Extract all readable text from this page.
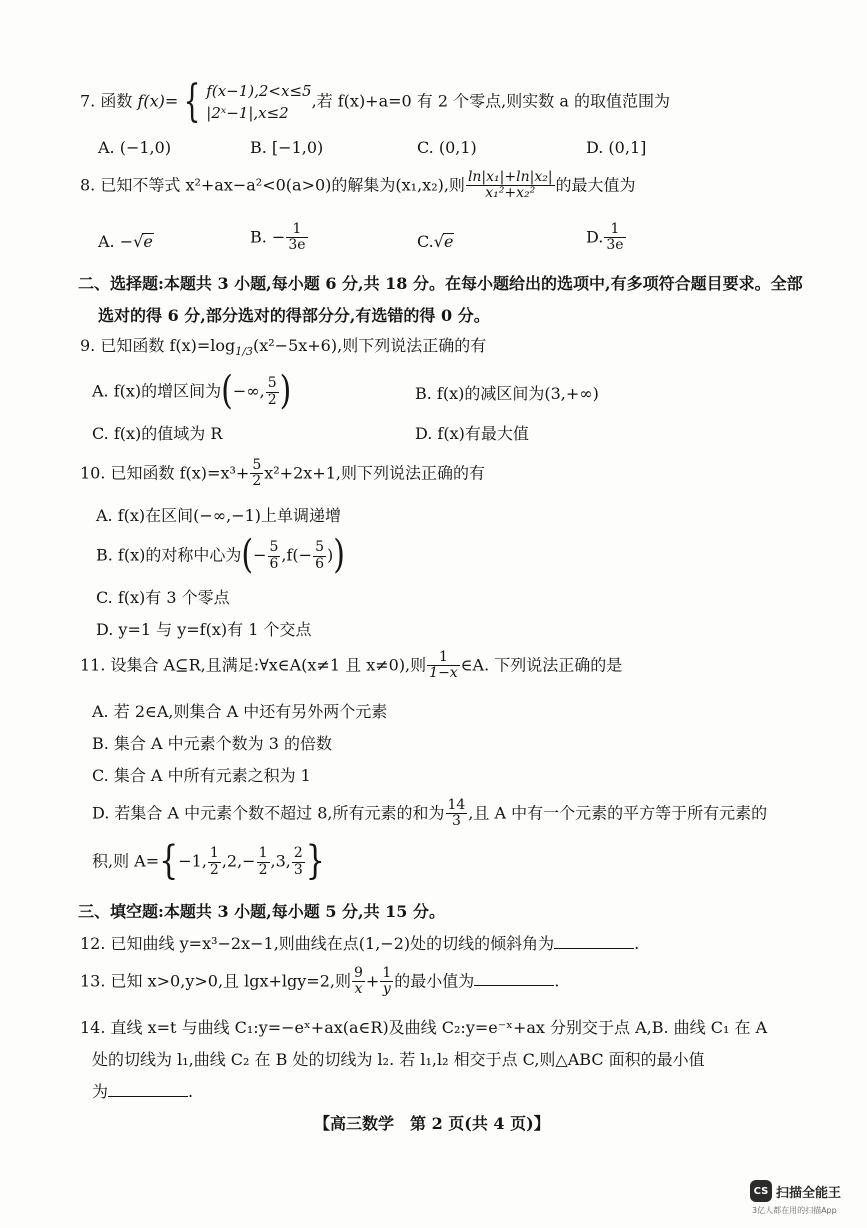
7. 函数 f(x)= { f(x−1),2<x≤5
|2ˣ−1|,x≤2,若 f(x)+a=0 有 2 个零点,则实数 a 的取值范围为
A. (−1,0)	B. [−1,0)	C. (0,1)	D. (0,1]
8. 已知不等式 x²+ax−a²<0(a>0)的解集为(x₁,x₂),则 $\frac{\text{ln|x₁|+ln|x₂|}}{\text{x₁²+x₂²}}$ 的最大值为
A. −√e	B. − $\frac{1}{3e}$	C.√e	D. $\frac{1}{3e}$
二、选择题:本题共 3 小题,每小题 6 分,共 18 分。在每小题给出的选项中,有多项符合题目要求。全部
选对的得 6 分,部分选对的得部分分,有选错的得 0 分。
9. 已知函数 $f(x)=\log_{1/3}(x^2-5x+6)$,则下列说法正确的有
A. f(x)的增区间为(−∞, $\frac{5}{2}$ )	B. f(x)的减区间为(3,+∞)
C. f(x)的值域为 R	D. f(x)有最大值
10. 已知函数 $f(x)=x^3+ \frac{5}{2} x^2+2x+1$,则下列说法正确的有
A. f(x)在区间(−∞,−1)上单调递增
B. f(x)的对称中心为(− $\frac{5}{6} ,f(- \frac{5}{6}$ ))
C. f(x)有 3 个零点
D. y=1 与 y=f(x)有 1 个交点
11. 设集合 A⊆R,且满足:∀x∈A(x≠1 且 x≠0),则 $\frac{1}{1-x}$ ∈A. 下列说法正确的是
A. 若 2∈A,则集合 A 中还有另外两个元素
B. 集合 A 中元素个数为 3 的倍数
C. 集合 A 中所有元素之积为 1
D. 若集合 A 中元素个数不超过 8,所有元素的和为 $\frac{14}{3}$ ,且 A 中有一个元素的平方等于所有元素的
积,则 A={−1, $\frac{1}{2} ,2,- \frac{1}{2} ,3$, $\frac{2}{3}$ }
三、填空题:本题共 3 小题,每小题 5 分,共 15 分。
12. 已知曲线 y=x³−2x−1,则曲线在点(1,−2)处的切线的倾斜角为	.
13. 已知 x>0,y>0,且 lgx+lgy=2,则 $\frac{9}{x} + \frac{1}{y}$ 的最小值为	.
14. 直线 x=t 与曲线 C₁:y=−eˣ+ax(a∈R)及曲线 C₂:y=e⁻ˣ+ax 分别交于点 A,B. 曲线 C₁ 在 A
处的切线为 l₁,曲线 C₂ 在 B 处的切线为 l₂. 若 l₁,l₂ 相交于点 C,则△ABC 面积的最小值
为	.
【高三数学　第 2 页(共 4 页)】
CS 扫描全能王
3亿人都在用的扫描App
